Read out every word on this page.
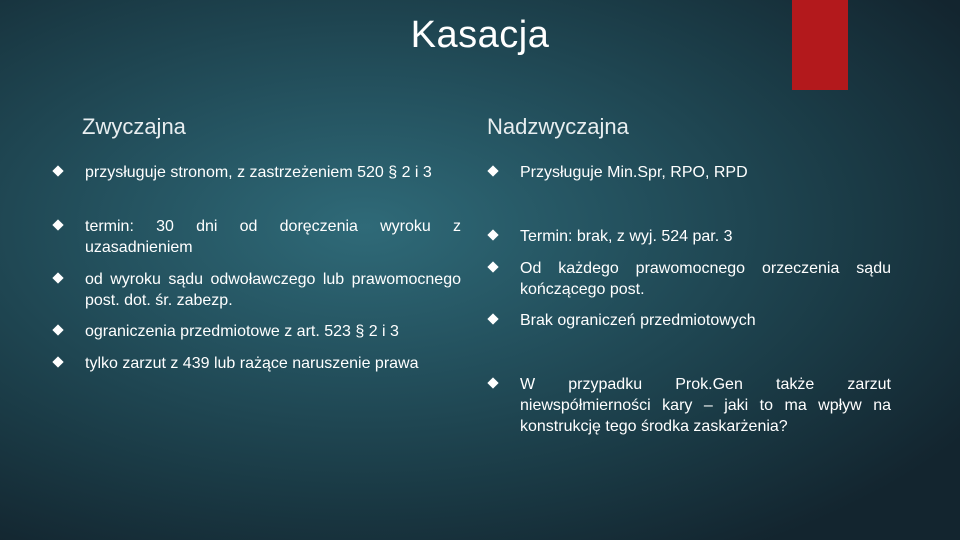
Kasacja
Zwyczajna	Nadzwyczajna
przysługuje stronom, z zastrzeżeniem 520 § 2 i 3
termin: 30 dni od doręczenia wyroku z uzasadnieniem
od wyroku sądu odwoławczego lub prawomocnego post. dot. śr. zabezp.
ograniczenia przedmiotowe z art. 523 § 2 i 3
tylko zarzut z 439 lub rażące naruszenie prawa
Przysługuje Min.Spr, RPO, RPD
Termin: brak, z wyj. 524 par. 3
Od każdego prawomocnego orzeczenia sądu kończącego post.
Brak ograniczeń przedmiotowych
W przypadku Prok.Gen także zarzut niewspółmierności kary – jaki to ma wpływ na konstrukcję tego środka zaskarżenia?
